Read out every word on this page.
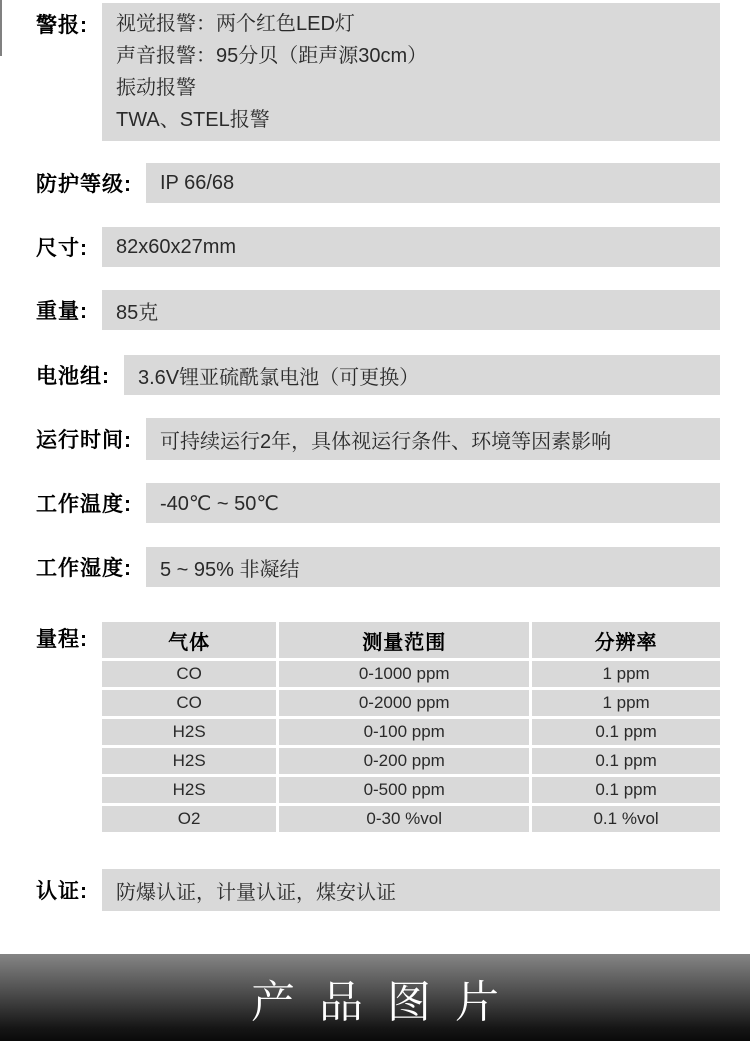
警报: 视觉报警：两个红色LED灯
声音报警：95分贝（距声源30cm）
振动报警
TWA、STEL报警
防护等级: IP 66/68
尺寸: 82x60x27mm
重量: 85克
电池组: 3.6V锂亚硫酰氯电池（可更换）
运行时间: 可持续运行2年，具体视运行条件、环境等因素影响
工作温度: -40℃ ~ 50℃
工作湿度: 5 ~ 95% 非凝结
量程:	气体	测量范围	分辨率
CO	0-1000 ppm	1 ppm
CO	0-2000 ppm	1 ppm
H2S	0-100 ppm	0.1 ppm
H2S	0-200 ppm	0.1 ppm
H2S	0-500 ppm	0.1 ppm
O2	0-30 %vol	0.1 %vol
认证: 防爆认证，计量认证，煤安认证
产品图片
